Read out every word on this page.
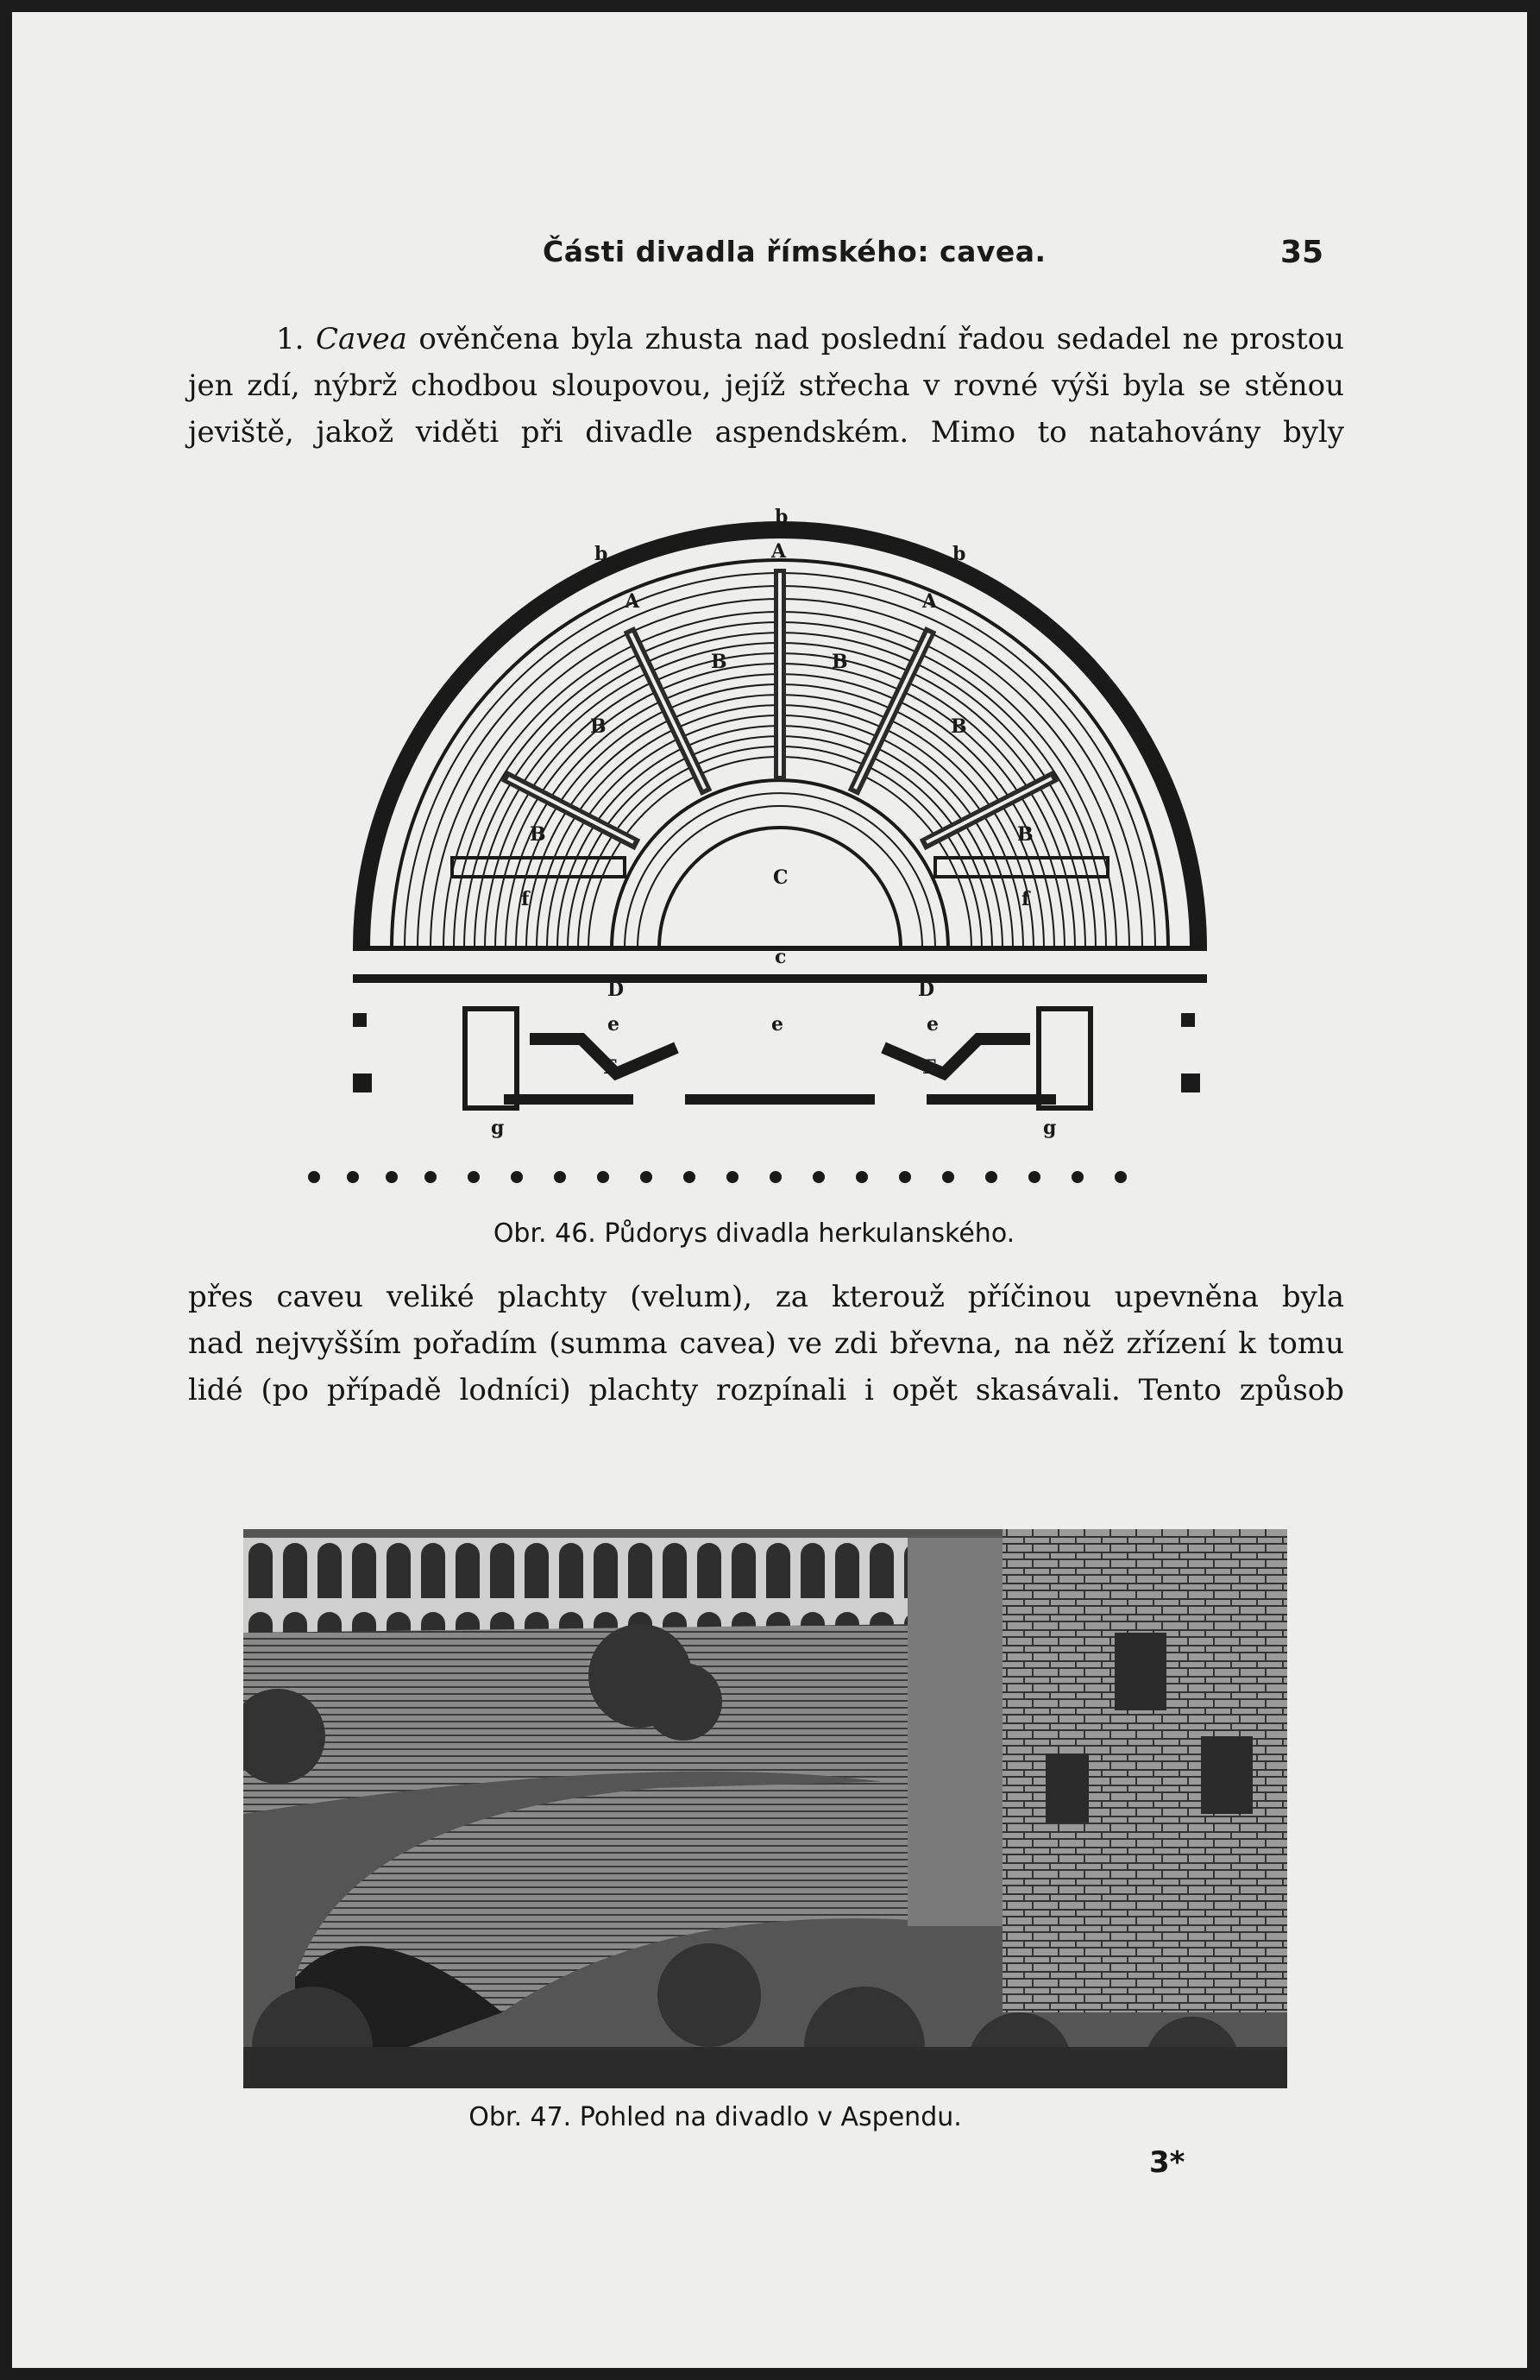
Části divadla římského: cavea.	35

1. Cavea ověnčena byla zhusta nad poslední řadou sedadel ne prostou
jen zdí, nýbrž chodbou sloupovou, jejíž střecha v rovné výši byla se stěnou
jeviště, jakož viděti při divadle aspendském. Mimo to natahovány byly

b
b	b
A
A	A
B	B
B	B
B	B
C
c
f	f
D	D
e	e	e
E	E
g	g
Obr. 46. Půdorys divadla herkulanského.

přes caveu veliké plachty (velum), za kterouž příčinou upevněna byla
nad nejvyšším pořadím (summa cavea) ve zdi břevna, na něž zřízení k tomu
lidé (po případě lodníci) plachty rozpínali i opět skasávali. Tento způsob

Obr. 47. Pohled na divadlo v Aspendu.
3*
